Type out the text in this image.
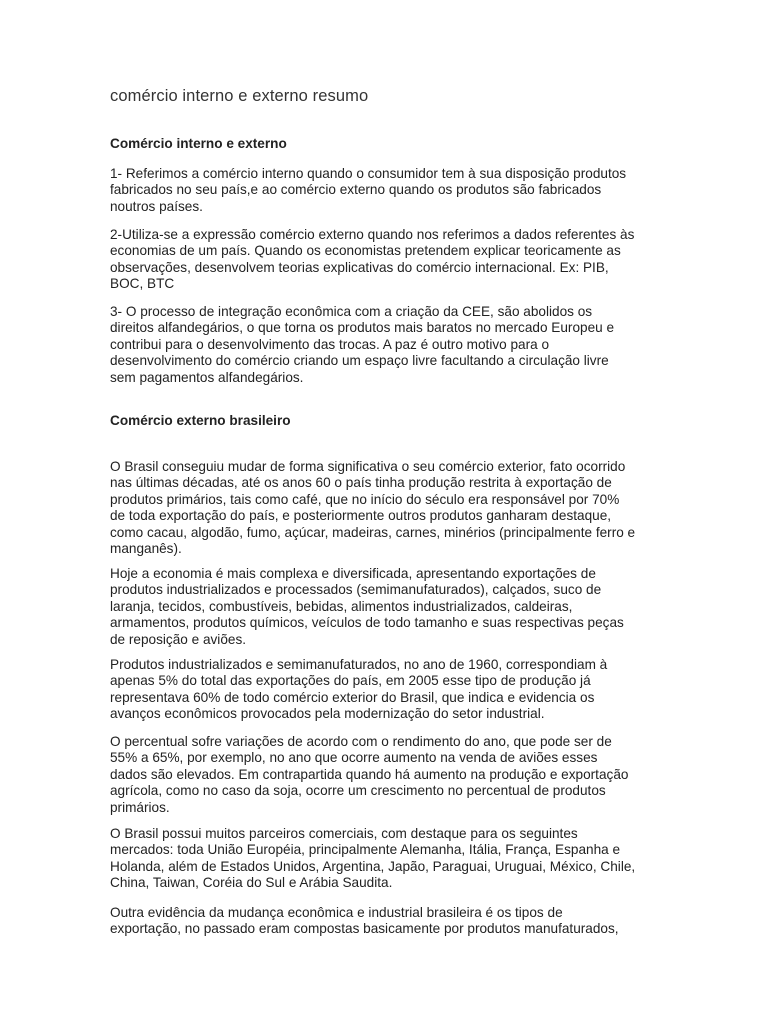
comércio interno e externo resumo
Comércio interno e externo
1- Referimos a comércio interno quando o consumidor tem à sua disposição produtos
fabricados no seu país,e ao comércio externo quando os produtos são fabricados
noutros países.
2-Utiliza-se a expressão comércio externo quando nos referimos a dados referentes às
economias de um país. Quando os economistas pretendem explicar teoricamente as
observações, desenvolvem teorias explicativas do comércio internacional. Ex: PIB,
BOC, BTC
3- O processo de integração econômica com a criação da CEE, são abolidos os
direitos alfandegários, o que torna os produtos mais baratos no mercado Europeu e
contribui para o desenvolvimento das trocas. A paz é outro motivo para o
desenvolvimento do comércio criando um espaço livre facultando a circulação livre
sem pagamentos alfandegários.
Comércio externo brasileiro
O Brasil conseguiu mudar de forma significativa o seu comércio exterior, fato ocorrido
nas últimas décadas, até os anos 60 o país tinha produção restrita à exportação de
produtos primários, tais como café, que no início do século era responsável por 70%
de toda exportação do país, e posteriormente outros produtos ganharam destaque,
como cacau, algodão, fumo, açúcar, madeiras, carnes, minérios (principalmente ferro e
manganês).
Hoje a economia é mais complexa e diversificada, apresentando exportações de
produtos industrializados e processados (semimanufaturados), calçados, suco de
laranja, tecidos, combustíveis, bebidas, alimentos industrializados, caldeiras,
armamentos, produtos químicos, veículos de todo tamanho e suas respectivas peças
de reposição e aviões.
Produtos industrializados e semimanufaturados, no ano de 1960, correspondiam à
apenas 5% do total das exportações do país, em 2005 esse tipo de produção já
representava 60% de todo comércio exterior do Brasil, que indica e evidencia os
avanços econômicos provocados pela modernização do setor industrial.
O percentual sofre variações de acordo com o rendimento do ano, que pode ser de
55% a 65%, por exemplo, no ano que ocorre aumento na venda de aviões esses
dados são elevados. Em contrapartida quando há aumento na produção e exportação
agrícola, como no caso da soja, ocorre um crescimento no percentual de produtos
primários.
O Brasil possui muitos parceiros comerciais, com destaque para os seguintes
mercados: toda União Européia, principalmente Alemanha, Itália, França, Espanha e
Holanda, além de Estados Unidos, Argentina, Japão, Paraguai, Uruguai, México, Chile,
China, Taiwan, Coréia do Sul e Arábia Saudita.
Outra evidência da mudança econômica e industrial brasileira é os tipos de
exportação, no passado eram compostas basicamente por produtos manufaturados,
